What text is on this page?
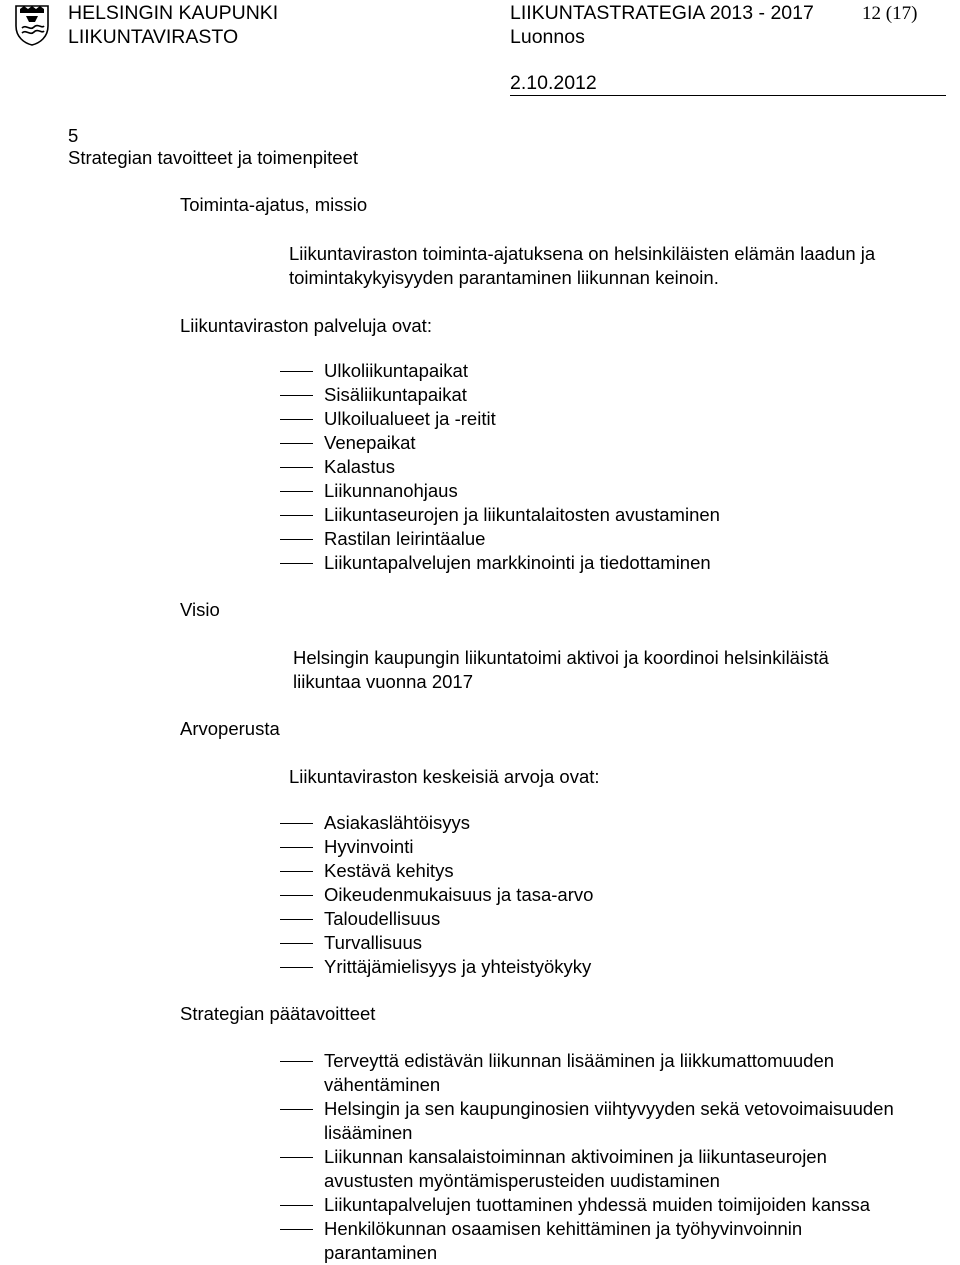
HELSINGIN KAUPUNKI
LIIKUNTAVIRASTO
LIIKUNTASTRATEGIA 2013 - 2017
Luonnos
12 (17)
2.10.2012
5
Strategian tavoitteet ja toimenpiteet
Toiminta-ajatus, missio
Liikuntaviraston toiminta-ajatuksena on helsinkiläisten elämän laadun ja
toimintakykyisyyden parantaminen liikunnan keinoin.
Liikuntaviraston palveluja ovat:
Ulkoliikuntapaikat
Sisäliikuntapaikat
Ulkoilualueet ja -reitit
Venepaikat
Kalastus
Liikunnanohjaus
Liikuntaseurojen ja liikuntalaitosten avustaminen
Rastilan leirintäalue
Liikuntapalvelujen markkinointi ja tiedottaminen
Visio
Helsingin kaupungin liikuntatoimi aktivoi ja koordinoi helsinkiläistä
liikuntaa vuonna 2017
Arvoperusta
Liikuntaviraston keskeisiä arvoja ovat:
Asiakaslähtöisyys
Hyvinvointi
Kestävä kehitys
Oikeudenmukaisuus ja tasa-arvo
Taloudellisuus
Turvallisuus
Yrittäjämielisyys ja yhteistyökyky
Strategian päätavoitteet
Terveyttä edistävän liikunnan lisääminen ja liikkumattomuuden
vähentäminen
Helsingin ja sen kaupunginosien viihtyvyyden sekä vetovoimaisuuden
lisääminen
Liikunnan kansalaistoiminnan aktivoiminen ja liikuntaseurojen
avustusten myöntämisperusteiden uudistaminen
Liikuntapalvelujen tuottaminen yhdessä muiden toimijoiden kanssa
Henkilökunnan osaamisen kehittäminen ja työhyvinvoinnin
parantaminen
